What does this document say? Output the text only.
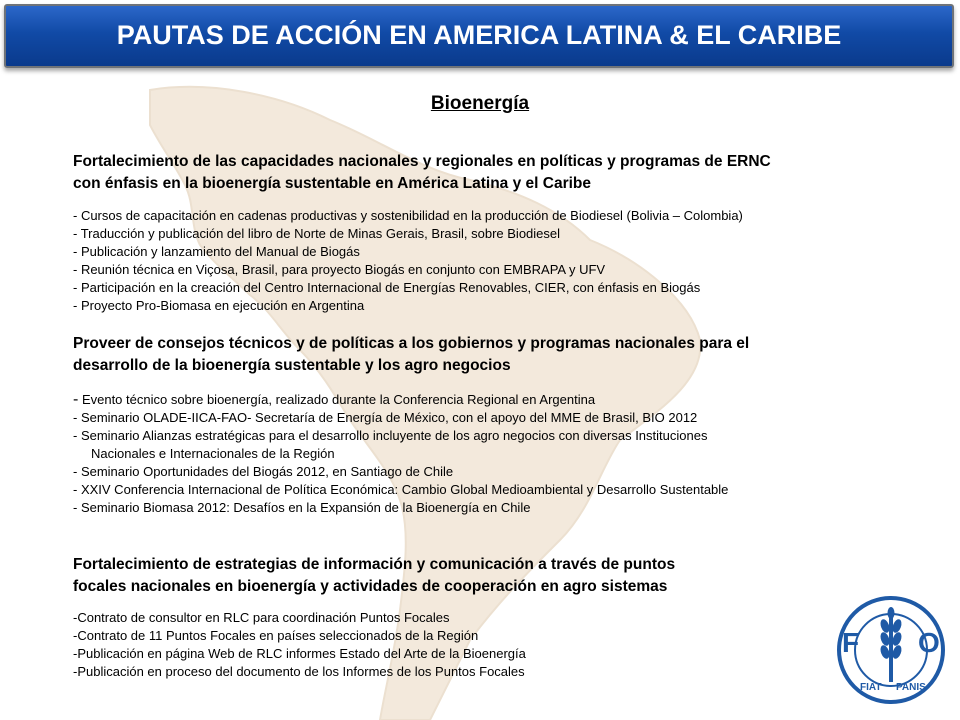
PAUTAS DE ACCIÓN EN AMERICA LATINA & EL CARIBE
Bioenergía
Fortalecimiento de las capacidades nacionales y regionales en políticas y programas de ERNC
con énfasis en la bioenergía sustentable en América Latina y el Caribe
- Cursos de capacitación en cadenas productivas y sostenibilidad en la producción de Biodiesel (Bolivia – Colombia)
- Traducción y publicación del libro de Norte de Minas Gerais, Brasil, sobre Biodiesel
- Publicación y lanzamiento del Manual de Biogás
- Reunión técnica en Viçosa, Brasil, para proyecto Biogás en conjunto con EMBRAPA y UFV
- Participación en la creación del Centro Internacional de Energías Renovables, CIER, con énfasis en Biogás
- Proyecto Pro-Biomasa en ejecución en Argentina
Proveer de consejos técnicos y de políticas a los gobiernos y programas nacionales para el
desarrollo de la bioenergía sustentable y los agro negocios
- Evento técnico sobre bioenergía, realizado durante la Conferencia Regional en Argentina
- Seminario OLADE-IICA-FAO- Secretaría de Energía de México, con el apoyo del MME de Brasil, BIO 2012
- Seminario Alianzas estratégicas para el desarrollo incluyente de los agro negocios con diversas Instituciones
Nacionales e Internacionales de la Región
- Seminario Oportunidades del Biogás 2012, en Santiago de Chile
- XXIV Conferencia Internacional de Política Económica: Cambio Global Medioambiental y Desarrollo Sustentable
- Seminario Biomasa 2012: Desafíos en la Expansión de la Bioenergía en Chile
Fortalecimiento de estrategias de información y comunicación a través de puntos
focales nacionales en bioenergía y actividades de cooperación en agro sistemas
-Contrato de consultor en RLC para coordinación Puntos Focales
-Contrato de 11 Puntos Focales en países seleccionados de la Región
-Publicación en página Web de RLC informes Estado del Arte de la Bioenergía
-Publicación en proceso del documento de los Informes de los Puntos Focales
F O
FIAT PANIS
